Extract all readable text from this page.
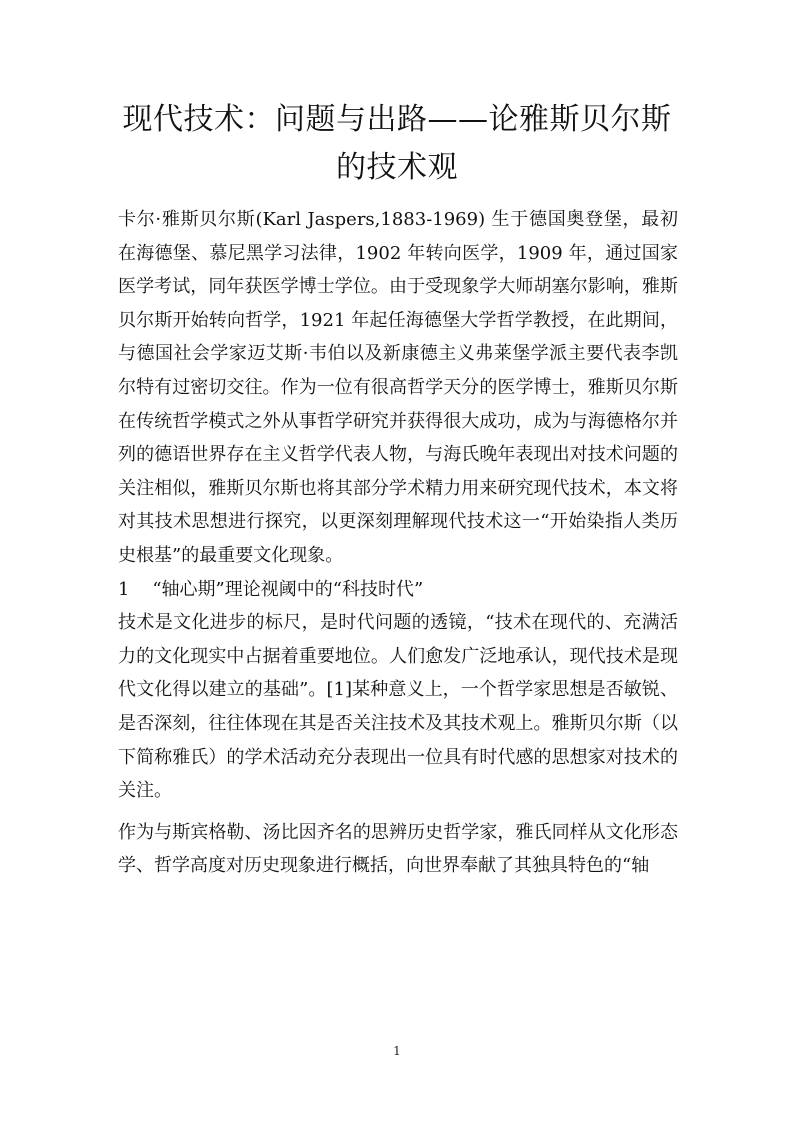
现代技术：问题与出路——论雅斯贝尔斯的技术观

卡尔·雅斯贝尔斯(Karl Jaspers,1883-1969) 生于德国奥登堡，最初在海德堡、慕尼黑学习法律，1902 年转向医学，1909 年，通过国家医学考试，同年获医学博士学位。由于受现象学大师胡塞尔影响，雅斯贝尔斯开始转向哲学，1921 年起任海德堡大学哲学教授，在此期间，与德国社会学家迈艾斯·韦伯以及新康德主义弗莱堡学派主要代表李凯尔特有过密切交往。作为一位有很高哲学天分的医学博士，雅斯贝尔斯在传统哲学模式之外从事哲学研究并获得很大成功，成为与海德格尔并列的德语世界存在主义哲学代表人物，与海氏晚年表现出对技术问题的关注相似，雅斯贝尔斯也将其部分学术精力用来研究现代技术，本文将对其技术思想进行探究，以更深刻理解现代技术这一“开始染指人类历史根基”的最重要文化现象。

1    “轴心期”理论视阈中的“科技时代”

技术是文化进步的标尺，是时代问题的透镜，“技术在现代的、充满活力的文化现实中占据着重要地位。人们愈发广泛地承认，现代技术是现代文化得以建立的基础”。[1]某种意义上，一个哲学家思想是否敏锐、是否深刻，往往体现在其是否关注技术及其技术观上。雅斯贝尔斯（以下简称雅氏）的学术活动充分表现出一位具有时代感的思想家对技术的关注。

作为与斯宾格勒、汤比因齐名的思辨历史哲学家，雅氏同样从文化形态学、哲学高度对历史现象进行概括，向世界奉献了其独具特色的“轴

1
